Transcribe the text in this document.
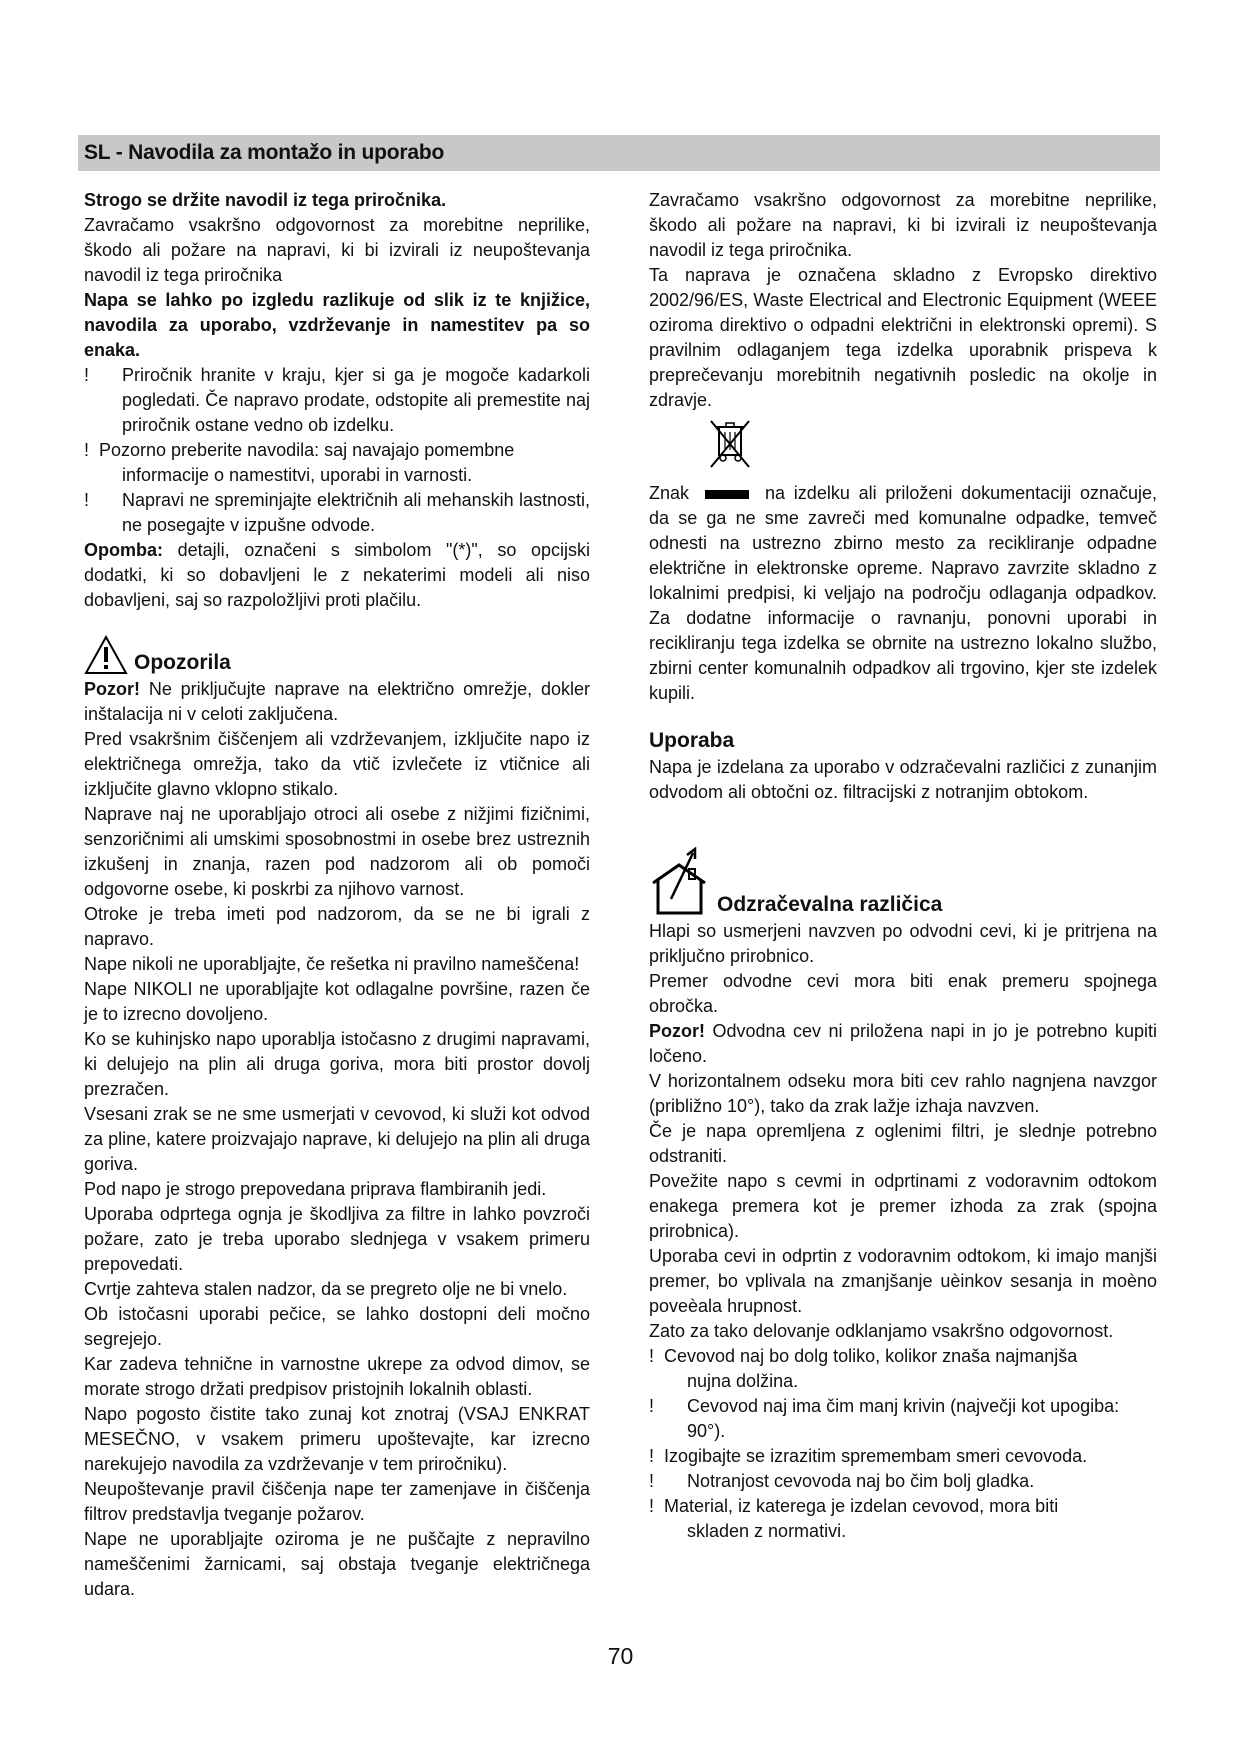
SL - Navodila za montažo in uporabo

Strogo se držite navodil iz tega priročnika.

Zavračamo vsakršno odgovornost za morebitne neprilike, škodo ali požare na napravi, ki bi izvirali iz neupoštevanja navodil iz tega priročnika

Napa se lahko po izgledu razlikuje od slik iz te knjižice, navodila za uporabo, vzdrževanje in namestitev pa so enaka.

!	Priročnik hranite v kraju, kjer si ga je mogoče kadarkoli pogledati. Če napravo prodate, odstopite ali premestite naj priročnik ostane vedno ob izdelku.

! Pozorno preberite navodila: saj navajajo pomembne

informacije o namestitvi, uporabi in varnosti.

!	Napravi ne spreminjajte električnih ali mehanskih lastnosti, ne posegajte v izpušne odvode.

Opomba: detajli, označeni s simbolom "(*)", so opcijski dodatki, ki so dobavljeni le z nekaterimi modeli ali niso dobavljeni, saj so razpoložljivi proti plačilu.

Opozorila

Pozor! Ne priključujte naprave na električno omrežje, dokler inštalacija ni v celoti zaključena.

Pred vsakršnim čiščenjem ali vzdrževanjem, izključite napo iz električnega omrežja, tako da vtič izvlečete iz vtičnice ali izključite glavno vklopno stikalo.

Naprave naj ne uporabljajo otroci ali osebe z nižjimi fizičnimi, senzoričnimi ali umskimi sposobnostmi in osebe brez ustreznih izkušenj in znanja, razen pod nadzorom ali ob pomoči odgovorne osebe, ki poskrbi za njihovo varnost.

Otroke je treba imeti pod nadzorom, da se ne bi igrali z napravo.

Nape nikoli ne uporabljajte, če rešetka ni pravilno nameščena!

Nape NIKOLI ne uporabljajte kot odlagalne površine, razen če je to izrecno dovoljeno.

Ko se kuhinjsko napo uporablja istočasno z drugimi napravami, ki delujejo na plin ali druga goriva, mora biti prostor dovolj prezračen.

Vsesani zrak se ne sme usmerjati v cevovod, ki služi kot odvod za pline, katere proizvajajo naprave, ki delujejo na plin ali druga goriva.

Pod napo je strogo prepovedana priprava flambiranih jedi.

Uporaba odprtega ognja je škodljiva za filtre in lahko povzroči požare, zato je treba uporabo slednjega v vsakem primeru prepovedati.

Cvrtje zahteva stalen nadzor, da se pregreto olje ne bi vnelo.

Ob istočasni uporabi pečice, se lahko dostopni deli močno segrejejo.

Kar zadeva tehnične in varnostne ukrepe za odvod dimov, se morate strogo držati predpisov pristojnih lokalnih oblasti.

Napo pogosto čistite tako zunaj kot znotraj (VSAJ ENKRAT MESEČNO, v vsakem primeru upoštevajte, kar izrecno narekujejo navodila za vzdrževanje v tem priročniku).

Neupoštevanje pravil čiščenja nape ter zamenjave in čiščenja filtrov predstavlja tveganje požarov.

Nape ne uporabljajte oziroma je ne puščajte z nepravilno nameščenimi žarnicami, saj obstaja tveganje električnega udara.

Zavračamo vsakršno odgovornost za morebitne neprilike, škodo ali požare na napravi, ki bi izvirali iz neupoštevanja navodil iz tega priročnika.

Ta naprava je označena skladno z Evropsko direktivo 2002/96/ES, Waste Electrical and Electronic Equipment (WEEE oziroma direktivo o odpadni električni in elektronski opremi). S pravilnim odlaganjem tega izdelka uporabnik prispeva k preprečevanju morebitnih negativnih posledic na okolje in zdravje.

Znak	na izdelku ali priloženi dokumentaciji označuje, da se ga ne sme zavreči med komunalne odpadke, temveč odnesti na ustrezno zbirno mesto za recikliranje odpadne električne in elektronske opreme. Napravo zavrzite skladno z lokalnimi predpisi, ki veljajo na področju odlaganja odpadkov. Za dodatne informacije o ravnanju, ponovni uporabi in recikliranju tega izdelka se obrnite na ustrezno lokalno službo, zbirni center komunalnih odpadkov ali trgovino, kjer ste izdelek kupili.

Uporaba

Napa je izdelana za uporabo v odzračevalni različici z zunanjim odvodom ali obtočni oz. filtracijski z notranjim obtokom.

Odzračevalna različica

Hlapi so usmerjeni navzven po odvodni cevi, ki je pritrjena na priključno prirobnico.

Premer odvodne cevi mora biti enak premeru spojnega obročka.

Pozor! Odvodna cev ni priložena napi in jo je potrebno kupiti ločeno.

V horizontalnem odseku mora biti cev rahlo nagnjena navzgor (približno 10°), tako da zrak lažje izhaja navzven.

Če je napa opremljena z oglenimi filtri, je slednje potrebno odstraniti.

Povežite napo s cevmi in odprtinami z vodoravnim odtokom enakega premera kot je premer izhoda za zrak (spojna prirobnica).

Uporaba cevi in odprtin z vodoravnim odtokom, ki imajo manjši premer, bo vplivala na zmanjšanje uèinkov sesanja in moèno poveèala hrupnost.

Zato za tako delovanje odklanjamo vsakršno odgovornost.

! Cevovod naj bo dolg toliko, kolikor znaša najmanjša

nujna dolžina.

!	Cevovod naj ima čim manj krivin (največji kot upogiba:

90°).

! Izogibajte se izrazitim spremembam smeri cevovoda.

!	Notranjost cevovoda naj bo čim bolj gladka.

! Material, iz katerega je izdelan cevovod, mora biti

skladen z normativi.

70
